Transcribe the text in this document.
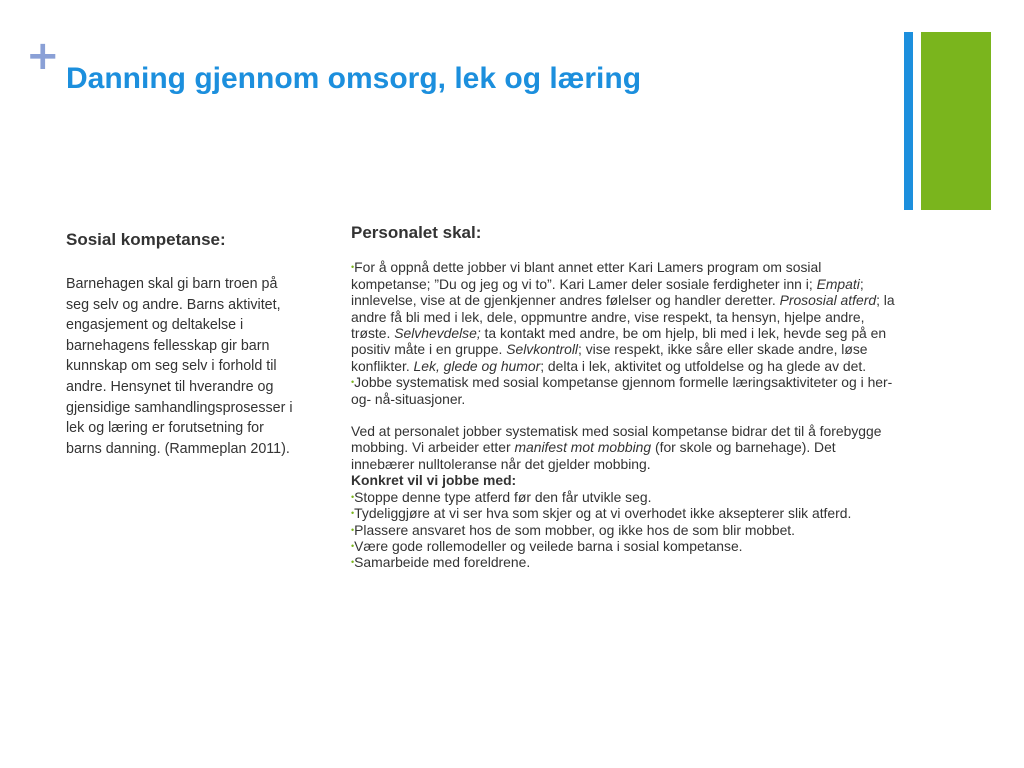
+ Danning gjennom omsorg, lek og læring
Sosial kompetanse:

Barnehagen skal gi barn troen på seg selv og andre. Barns aktivitet, engasjement og deltakelse i barnehagens fellesskap gir barn kunnskap om seg selv i forhold til andre. Hensynet til hverandre og gjensidige samhandlingsprosesser i lek og læring er forutsetning for barns danning. (Rammeplan 2011).

Personalet skal:
•For å oppnå dette jobber vi blant annet etter Kari Lamers program om sosial kompetanse; ”Du og jeg og vi to”. Kari Lamer deler sosiale ferdigheter inn i; Empati; innlevelse, vise at de gjenkjenner andres følelser og handler deretter. Prososial atferd; la andre få bli med i lek, dele, oppmuntre andre, vise respekt, ta hensyn, hjelpe andre, trøste. Selvhevdelse; ta kontakt med andre, be om hjelp, bli med i lek, hevde seg på en positiv måte i en gruppe. Selvkontroll; vise respekt, ikke såre eller skade andre, løse konflikter. Lek, glede og humor; delta i lek, aktivitet og utfoldelse og ha glede av det.
•Jobbe systematisk med sosial kompetanse gjennom formelle læringsaktiviteter og i her- og- nå-situasjoner.
Ved at personalet jobber systematisk med sosial kompetanse bidrar det til å forebygge mobbing. Vi arbeider etter manifest mot mobbing (for skole og barnehage). Det innebærer nulltoleranse når det gjelder mobbing.
Konkret vil vi jobbe med:
•Stoppe denne type atferd før den får utvikle seg.
•Tydeliggjøre at vi ser hva som skjer og at vi overhodet ikke aksepterer slik atferd.
•Plassere ansvaret hos de som mobber, og ikke hos de som blir mobbet.
•Være gode rollemodeller og veilede barna i sosial kompetanse.
•Samarbeide med foreldrene.
